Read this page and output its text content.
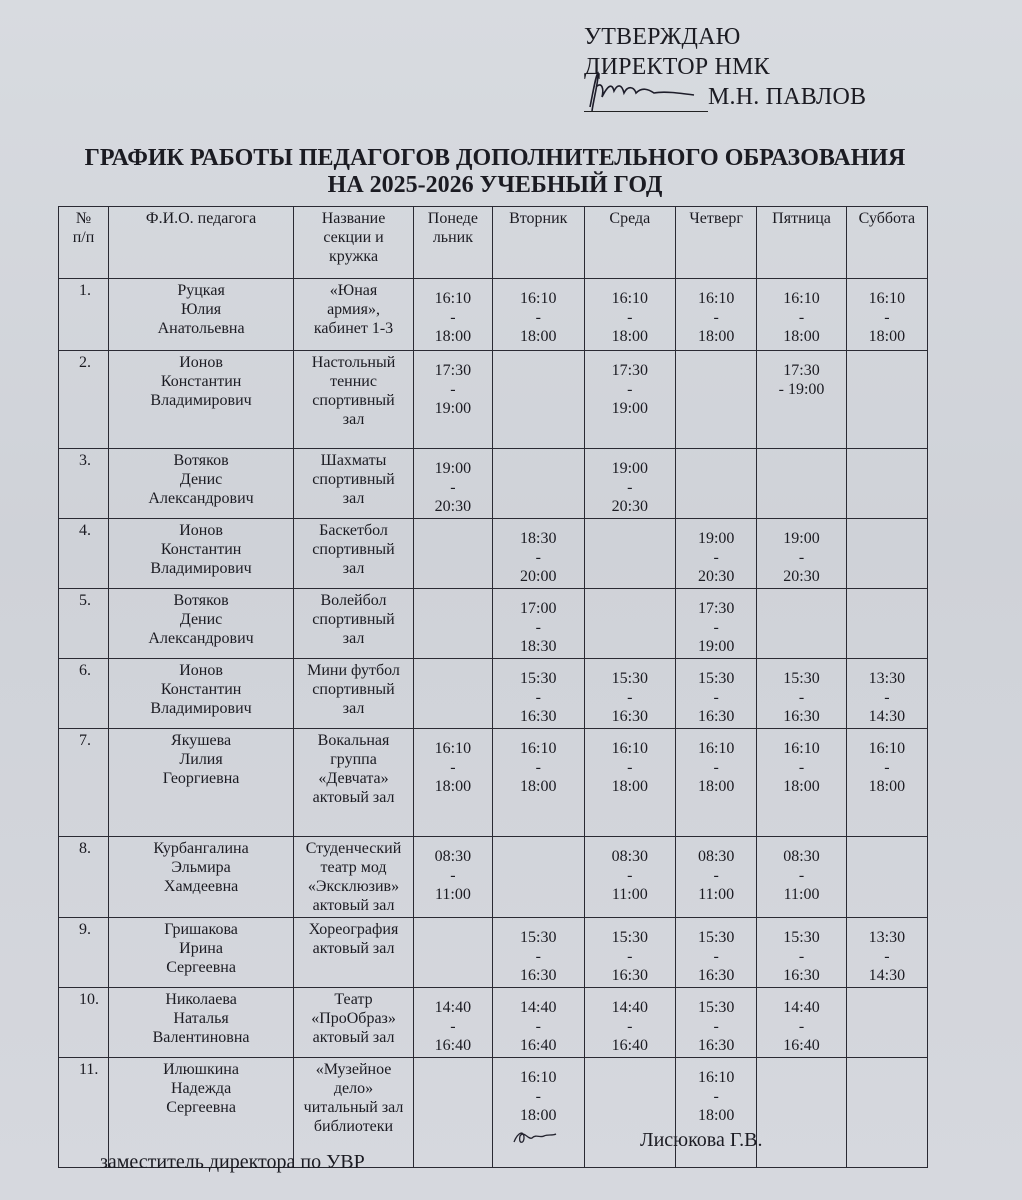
УТВЕРЖДАЮ
ДИРЕКТОР НМК
М.Н. ПАВЛОВ
ГРАФИК РАБОТЫ ПЕДАГОГОВ ДОПОЛНИТЕЛЬНОГО ОБРАЗОВАНИЯ
НА 2025-2026 УЧЕБНЫЙ ГОД
№
п/п	Ф.И.О. педагога	Название
секции и
кружка	Понеде
льник	Вторник	Среда	Четверг	Пятница	Суббота

1.	Руцкая
Юлия
Анатольевна	«Юная
армия»,
кабинет 1-3	16:10
-
18:00	16:10
-
18:00	16:10
-
18:00	16:10
-
18:00	16:10
-
18:00	16:10
-
18:00

2.	Ионов
Константин
Владимирович	Настольный
теннис
спортивный
зал	17:30
-
19:00		17:30
-
19:00		17:30
- 19:00	

3.	Вотяков
Денис
Александрович	Шахматы
спортивный
зал	19:00
-
20:30		19:00
-
20:30			

4.	Ионов
Константин
Владимирович	Баскетбол
спортивный
зал		18:30
-
20:00		19:00
-
20:30	19:00
-
20:30	

5.	Вотяков
Денис
Александрович	Волейбол
спортивный
зал		17:00
-
18:30		17:30
-
19:00		

6.	Ионов
Константин
Владимирович	Мини футбол
спортивный
зал		15:30
-
16:30	15:30
-
16:30	15:30
-
16:30	15:30
-
16:30	13:30
-
14:30

7.	Якушева
Лилия
Георгиевна	Вокальная
группа
«Девчата»
актовый зал	16:10
-
18:00	16:10
-
18:00	16:10
-
18:00	16:10
-
18:00	16:10
-
18:00	16:10
-
18:00

8.	Курбангалина
Эльмира
Хамдеевна	Студенческий
театр мод
«Эксклюзив»
актовый зал	08:30
-
11:00		08:30
-
11:00	08:30
-
11:00	08:30
-
11:00	

9.	Гришакова
Ирина
Сергеевна	Хореография
актовый зал		15:30
-
16:30	15:30
-
16:30	15:30
-
16:30	15:30
-
16:30	13:30
-
14:30

10.	Николаева
Наталья
Валентиновна	Театр
«ПроОбраз»
актовый зал	14:40
-
16:40	14:40
-
16:40	14:40
-
16:40	15:30
-
16:30	14:40
-
16:40	

11.	Илюшкина
Надежда
Сергеевна	«Музейное
дело»
читальный зал
библиотеки		16:10
-
18:00		16:10
-
18:00		

заместитель директора по УВР
Лисюкова Г.В.
